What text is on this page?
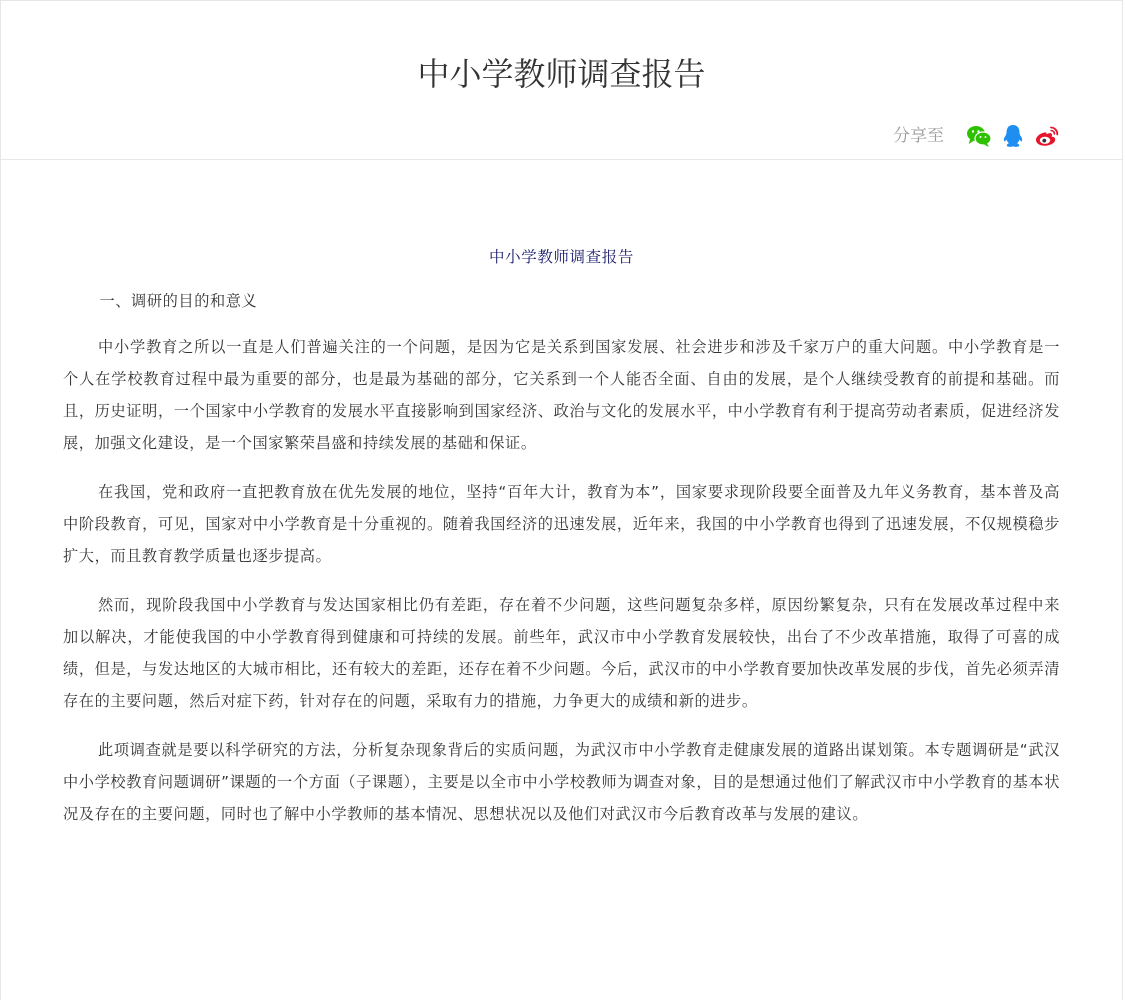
中小学教师调查报告
分享至
中小学教师调查报告

一、调研的目的和意义

中小学教育之所以一直是人们普遍关注的一个问题，是因为它是关系到国家发展、社会进步和涉及千家万户的重大问题。中小学教育是一个人在学校教育过程中最为重要的部分，也是最为基础的部分，它关系到一个人能否全面、自由的发展，是个人继续受教育的前提和基础。而且，历史证明，一个国家中小学教育的发展水平直接影响到国家经济、政治与文化的发展水平，中小学教育有利于提高劳动者素质，促进经济发展，加强文化建设，是一个国家繁荣昌盛和持续发展的基础和保证。

在我国，党和政府一直把教育放在优先发展的地位，坚持“百年大计，教育为本”，国家要求现阶段要全面普及九年义务教育，基本普及高中阶段教育，可见，国家对中小学教育是十分重视的。随着我国经济的迅速发展，近年来，我国的中小学教育也得到了迅速发展，不仅规模稳步扩大，而且教育教学质量也逐步提高。

然而，现阶段我国中小学教育与发达国家相比仍有差距，存在着不少问题，这些问题复杂多样，原因纷繁复杂，只有在发展改革过程中来加以解决，才能使我国的中小学教育得到健康和可持续的发展。前些年，武汉市中小学教育发展较快，出台了不少改革措施，取得了可喜的成绩，但是，与发达地区的大城市相比，还有较大的差距，还存在着不少问题。今后，武汉市的中小学教育要加快改革发展的步伐，首先必须弄清存在的主要问题，然后对症下药，针对存在的问题，采取有力的措施，力争更大的成绩和新的进步。

此项调查就是要以科学研究的方法，分析复杂现象背后的实质问题，为武汉市中小学教育走健康发展的道路出谋划策。本专题调研是“武汉中小学校教育问题调研”课题的一个方面（子课题），主要是以全市中小学校教师为调查对象，目的是想通过他们了解武汉市中小学教育的基本状况及存在的主要问题，同时也了解中小学教师的基本情况、思想状况以及他们对武汉市今后教育改革与发展的建议。
